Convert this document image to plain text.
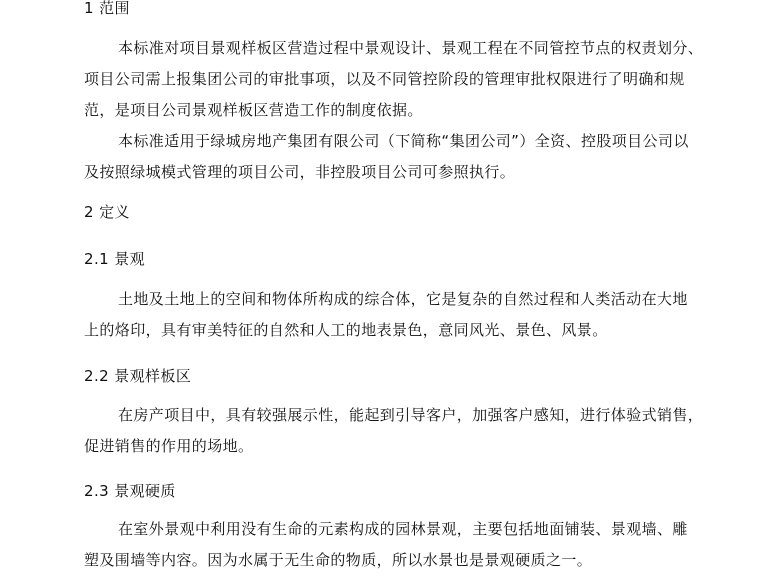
1 范围

本标准对项目景观样板区营造过程中景观设计、景观工程在不同管控节点的权责划分、
项目公司需上报集团公司的审批事项，以及不同管控阶段的管理审批权限进行了明确和规
范，是项目公司景观样板区营造工作的制度依据。

本标准适用于绿城房地产集团有限公司（下简称“集团公司”）全资、控股项目公司以
及按照绿城模式管理的项目公司，非控股项目公司可参照执行。

2 定义

2.1 景观

土地及土地上的空间和物体所构成的综合体，它是复杂的自然过程和人类活动在大地
上的烙印，具有审美特征的自然和人工的地表景色，意同风光、景色、风景。

2.2 景观样板区

在房产项目中，具有较强展示性，能起到引导客户，加强客户感知，进行体验式销售，
促进销售的作用的场地。

2.3 景观硬质

在室外景观中利用没有生命的元素构成的园林景观，主要包括地面铺装、景观墙、雕
塑及围墙等内容。因为水属于无生命的物质，所以水景也是景观硬质之一。
